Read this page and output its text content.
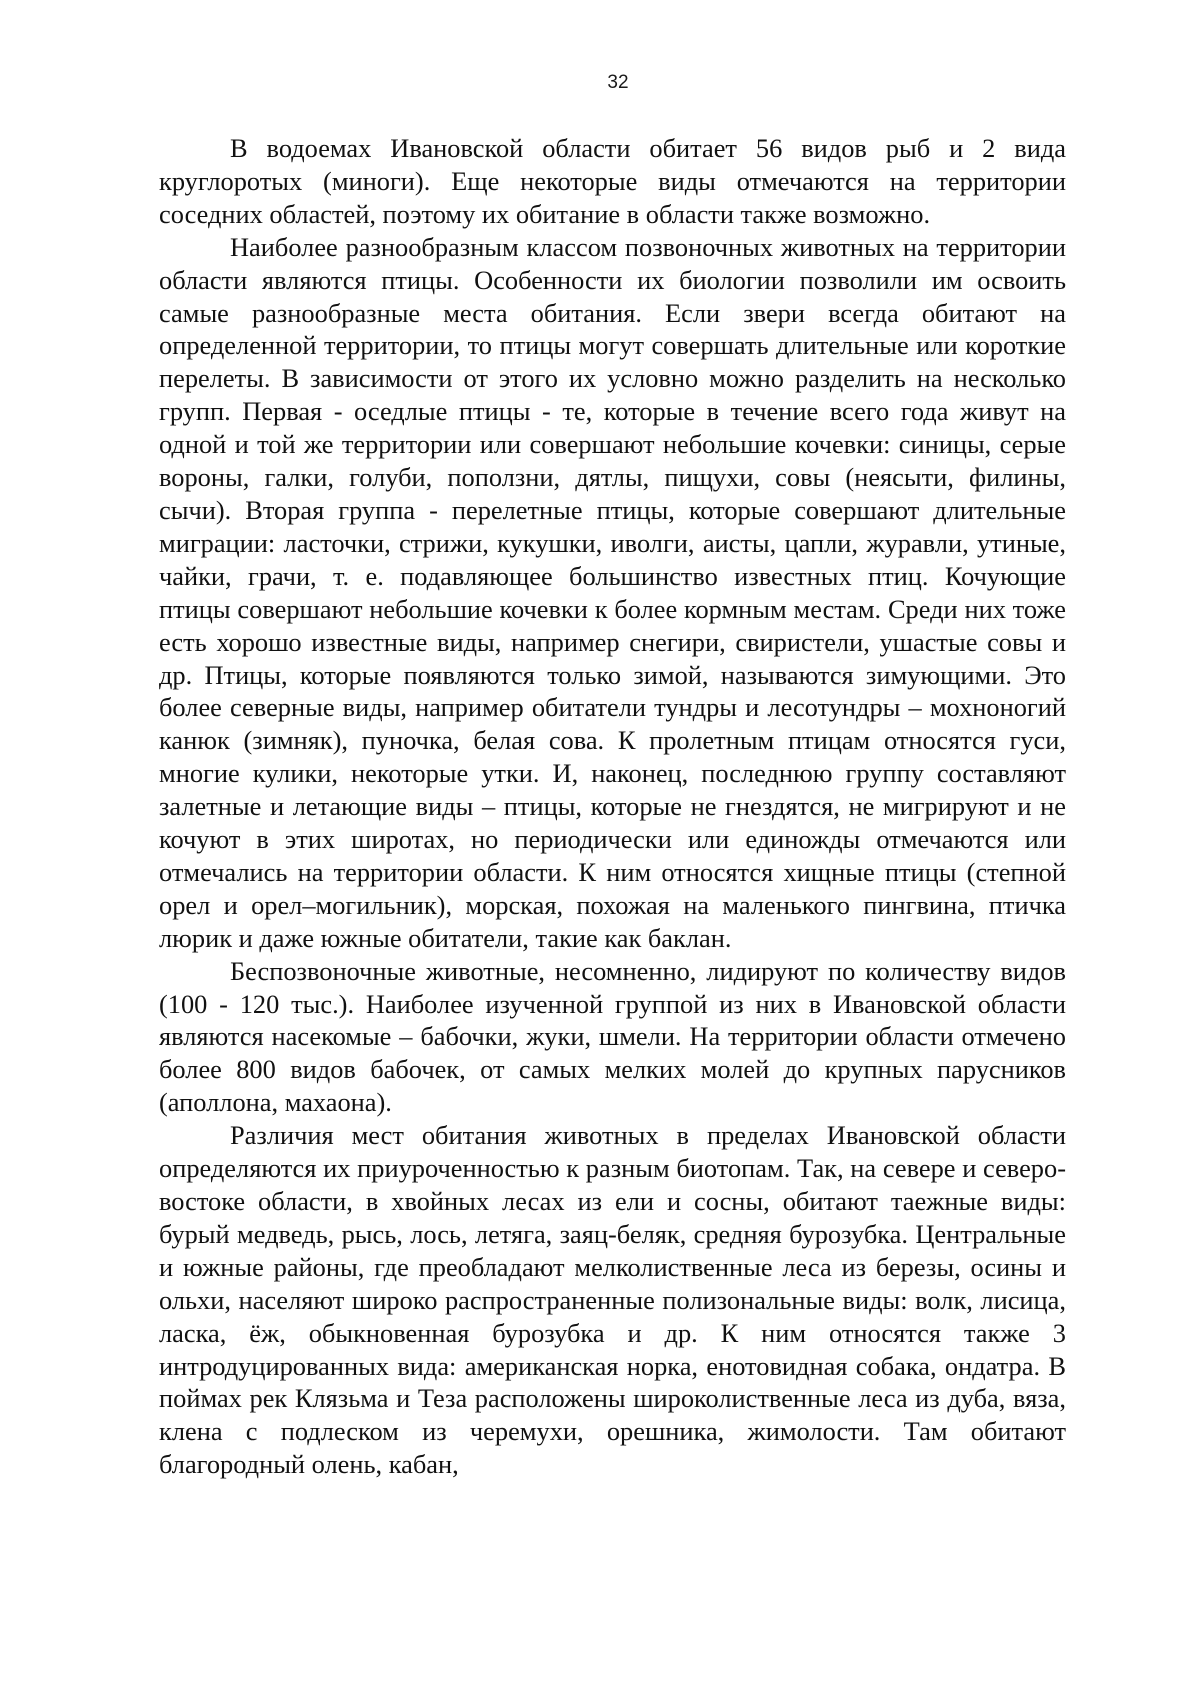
32

В водоемах Ивановской области обитает 56 видов рыб и 2 вида круглоротых (миноги). Еще некоторые виды отмечаются на территории соседних областей, поэтому их обитание в области также возможно.

Наиболее разнообразным классом позвоночных животных на территории области являются птицы. Особенности их биологии позволили им освоить самые разнообразные места обитания. Если звери всегда обитают на определенной территории, то птицы могут совершать длительные или короткие перелеты. В зависимости от этого их условно можно разделить на несколько групп. Первая - оседлые птицы - те, которые в течение всего года живут на одной и той же территории или совершают небольшие кочевки: синицы, серые вороны, галки, голуби, поползни, дятлы, пищухи, совы (неясыти, филины, сычи). Вторая группа - перелетные птицы, которые совершают длительные миграции: ласточки, стрижи, кукушки, иволги, аисты, цапли, журавли, утиные, чайки, грачи, т. е. подавляющее большинство известных птиц. Кочующие птицы совершают небольшие кочевки к более кормным местам. Среди них тоже есть хорошо известные виды, например снегири, свиристели, ушастые совы и др. Птицы, которые появляются только зимой, называются зимующими. Это более северные виды, например обитатели тундры и лесотундры – мохноногий канюк (зимняк), пуночка, белая сова. К пролетным птицам относятся гуси, многие кулики, некоторые утки. И, наконец, последнюю группу составляют залетные и летающие виды – птицы, которые не гнездятся, не мигрируют и не кочуют в этих широтах, но периодически или единожды отмечаются или отмечались на территории области. К ним относятся хищные птицы (степной орел и орел–могильник), морская, похожая на маленького пингвина, птичка люрик и даже южные обитатели, такие как баклан.

Беспозвоночные животные, несомненно, лидируют по количеству видов (100 - 120 тыс.). Наиболее изученной группой из них в Ивановской области являются насекомые – бабочки, жуки, шмели. На территории области отмечено более 800 видов бабочек, от самых мелких молей до крупных парусников (аполлона, махаона).

Различия мест обитания животных в пределах Ивановской области определяются их приуроченностью к разным биотопам. Так, на севере и северо-востоке области, в хвойных лесах из ели и сосны, обитают таежные виды: бурый медведь, рысь, лось, летяга, заяц-беляк, средняя бурозубка. Центральные и южные районы, где преобладают мелколиственные леса из березы, осины и ольхи, населяют широко распространенные полизональные виды: волк, лисица, ласка, ёж, обыкновенная бурозубка и др. К ним относятся также 3 интродуцированных вида: американская норка, енотовидная собака, ондатра. В поймах рек Клязьма и Теза расположены широколиственные леса из дуба, вяза, клена с подлеском из черемухи, орешника, жимолости. Там обитают благородный олень, кабан,
